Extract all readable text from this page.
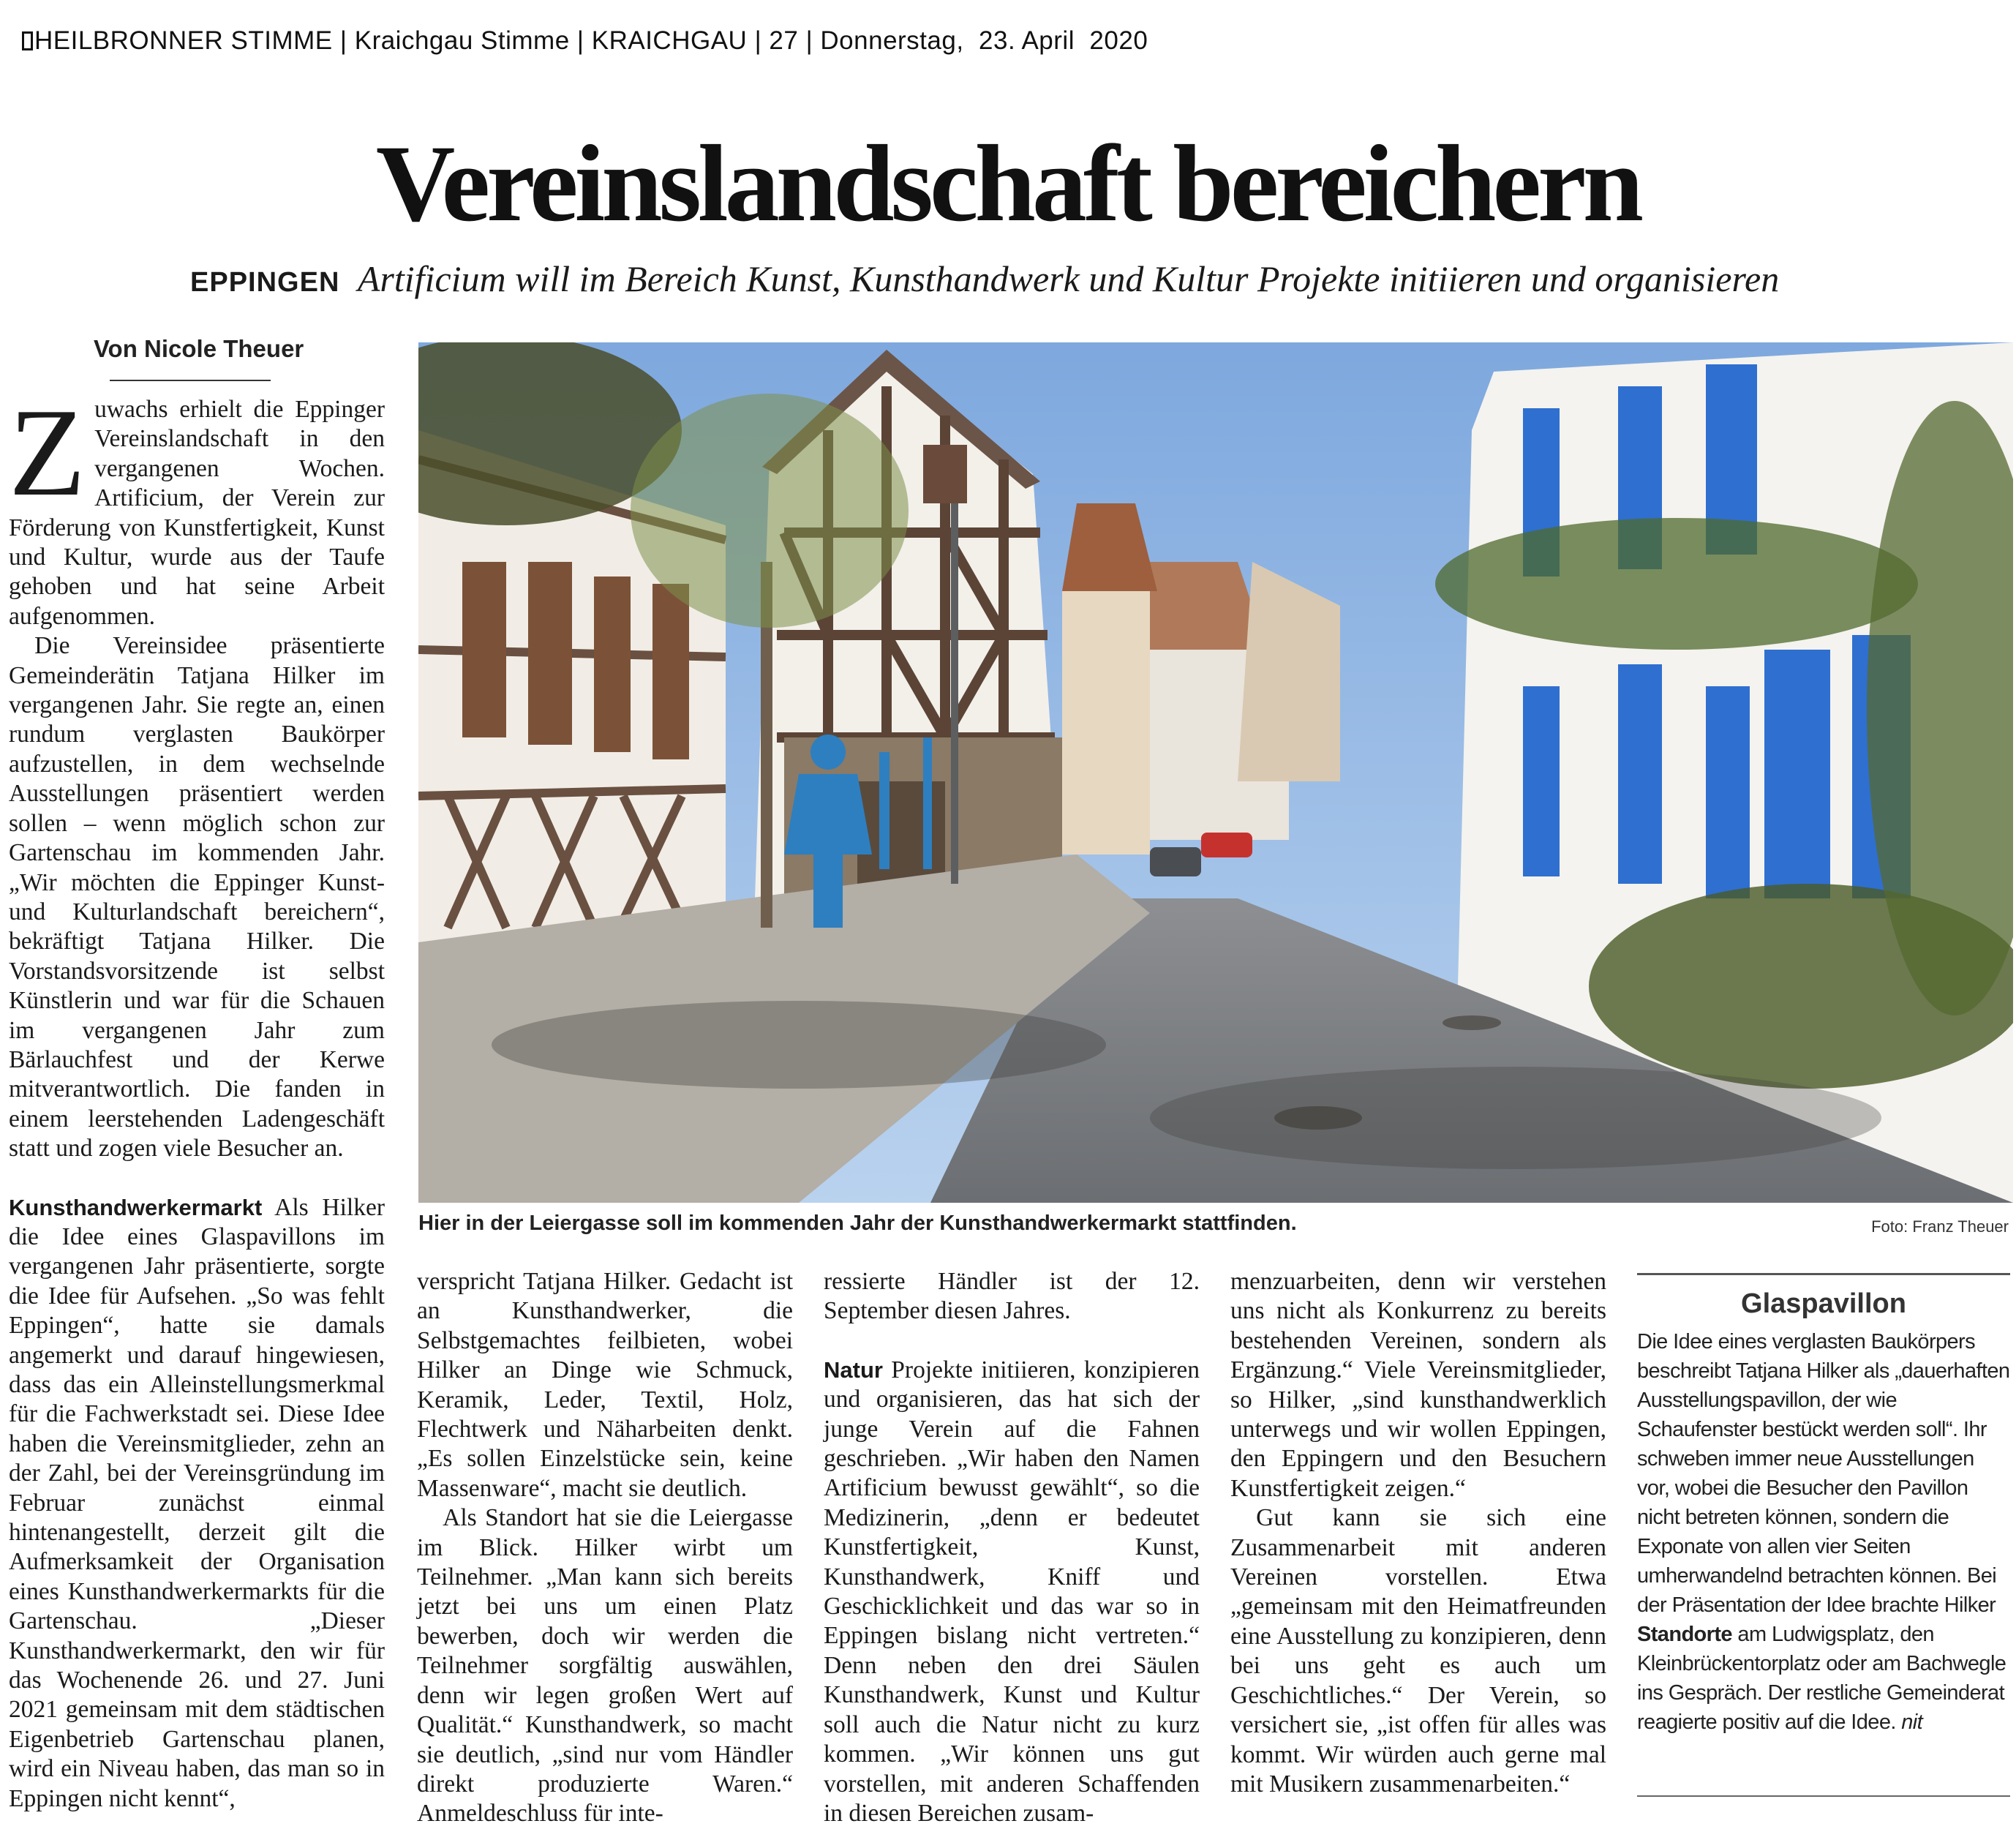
HEILBRONNER STIMME
|
Kraichgau Stimme
|
KRAICHGAU
|
27
|
Donnerstag,  23. April  2020
Vereinslandschaft bereichern
EPPINGEN Artificium will im Bereich Kunst, Kunsthandwerk und Kultur Projekte initiieren und organisieren
Von Nicole Theuer

Zuwachs erhielt die Eppinger Vereinslandschaft in den vergangenen Wochen. Artificium, der Verein zur Förderung von Kunstfertigkeit, Kunst und Kultur, wurde aus der Taufe gehoben und hat seine Arbeit aufgenommen.

Die Vereinsidee präsentierte Gemeinderätin Tatjana Hilker im vergangenen Jahr. Sie regte an, einen rundum verglasten Baukörper aufzustellen, in dem wechselnde Ausstellungen präsentiert werden sollen – wenn möglich schon zur Gartenschau im kommenden Jahr. „Wir möchten die Eppinger Kunst- und Kulturlandschaft bereichern“, bekräftigt Tatjana Hilker. Die Vorstandsvorsitzende ist selbst Künstlerin und war für die Schauen im vergangenen Jahr zum Bärlauchfest und der Kerwe mitverantwortlich. Die fanden in einem leerstehenden Ladengeschäft statt und zogen viele Besucher an.

Kunsthandwerkermarkt Als Hilker die Idee eines Glaspavillons im vergangenen Jahr präsentierte, sorgte die Idee für Aufsehen. „So was fehlt Eppingen“, hatte sie damals angemerkt und darauf hingewiesen, dass das ein Alleinstellungsmerkmal für die Fachwerkstadt sei. Diese Idee haben die Vereinsmitglieder, zehn an der Zahl, bei der Vereinsgründung im Februar zunächst einmal hintenangestellt, derzeit gilt die Aufmerksamkeit der Organisation eines Kunsthandwerkermarkts für die Gartenschau. „Dieser Kunsthandwerkermarkt, den wir für das Wochenende 26. und 27. Juni 2021 gemeinsam mit dem städtischen Eigenbetrieb Gartenschau planen, wird ein Niveau haben, das man so in Eppingen nicht kennt“,

Hier in der Leiergasse soll im kommenden Jahr der Kunsthandwerkermarkt stattfinden.	Foto: Franz Theuer

verspricht Tatjana Hilker. Gedacht ist an Kunsthandwerker, die Selbstgemachtes feilbieten, wobei Hilker an Dinge wie Schmuck, Keramik, Leder, Textil, Holz, Flechtwerk und Näharbeiten denkt. „Es sollen Einzelstücke sein, keine Massenware“, macht sie deutlich.

Als Standort hat sie die Leiergasse im Blick. Hilker wirbt um Teilnehmer. „Man kann sich bereits jetzt bei uns um einen Platz bewerben, doch wir werden die Teilnehmer sorgfältig auswählen, denn wir legen großen Wert auf Qualität.“ Kunsthandwerk, so macht sie deutlich, „sind nur vom Händler direkt produzierte Waren.“ Anmeldeschluss für inte-

ressierte Händler ist der 12. September diesen Jahres.

Natur Projekte initiieren, konzipieren und organisieren, das hat sich der junge Verein auf die Fahnen geschrieben. „Wir haben den Namen Artificium bewusst gewählt“, so die Medizinerin, „denn er bedeutet Kunstfertigkeit, Kunst, Kunsthandwerk, Kniff und Geschicklichkeit und das war so in Eppingen bislang nicht vertreten.“ Denn neben den drei Säulen Kunsthandwerk, Kunst und Kultur soll auch die Natur nicht zu kurz kommen. „Wir können uns gut vorstellen, mit anderen Schaffenden in diesen Bereichen zusam-

menzuarbeiten, denn wir verstehen uns nicht als Konkurrenz zu bereits bestehenden Vereinen, sondern als Ergänzung.“ Viele Vereinsmitglieder, so Hilker, „sind kunsthandwerklich unterwegs und wir wollen Eppingen, den Eppingern und den Besuchern Kunstfertigkeit zeigen.“

Gut kann sie sich eine Zusammenarbeit mit anderen Vereinen vorstellen. Etwa „gemeinsam mit den Heimatfreunden eine Ausstellung zu konzipieren, denn bei uns geht es auch um Geschichtliches.“ Der Verein, so versichert sie, „ist offen für alles was kommt. Wir würden auch gerne mal mit Musikern zusammenarbeiten.“

Glaspavillon
Die Idee eines verglasten Baukörpers beschreibt Tatjana Hilker als „dauerhaften Ausstellungspavillon, der wie Schaufenster bestückt werden soll“. Ihr schweben immer neue Ausstellungen vor, wobei die Besucher den Pavillon nicht betreten können, sondern die Exponate von allen vier Seiten umherwandelnd betrachten können. Bei der Präsentation der Idee brachte Hilker Standorte am Ludwigsplatz, den Kleinbrückentorplatz oder am Bachwegle ins Gespräch. Der restliche Gemeinderat reagierte positiv auf die Idee. nit
